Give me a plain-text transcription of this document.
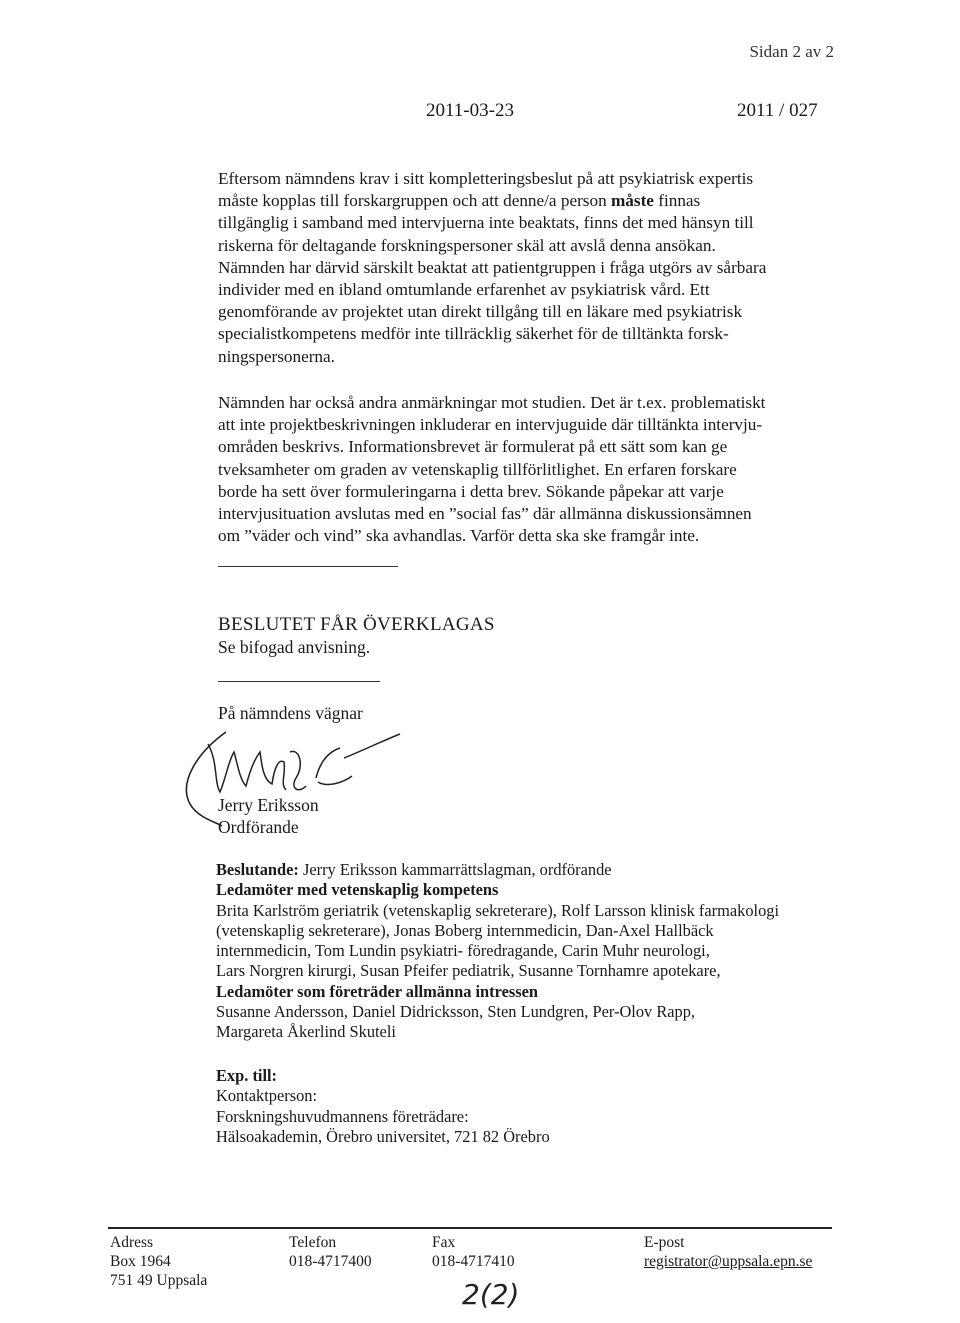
Sidan 2 av 2
2011-03-23	2011 / 027
Eftersom nämndens krav i sitt kompletteringsbeslut på att psykiatrisk expertis
måste kopplas till forskargruppen och att denne/a person måste finnas
tillgänglig i samband med intervjuerna inte beaktats, finns det med hänsyn till
riskerna för deltagande forskningspersoner skäl att avslå denna ansökan.
Nämnden har därvid särskilt beaktat att patientgruppen i fråga utgörs av sårbara
individer med en ibland omtumlande erfarenhet av psykiatrisk vård. Ett
genomförande av projektet utan direkt tillgång till en läkare med psykiatrisk
specialistkompetens medför inte tillräcklig säkerhet för de tilltänkta forsk-
ningspersonerna.
Nämnden har också andra anmärkningar mot studien. Det är t.ex. problematiskt
att inte projektbeskrivningen inkluderar en intervjuguide där tilltänkta intervju-
områden beskrivs. Informationsbrevet är formulerat på ett sätt som kan ge
tveksamheter om graden av vetenskaplig tillförlitlighet. En erfaren forskare
borde ha sett över formuleringarna i detta brev. Sökande påpekar att varje
intervjusituation avslutas med en ”social fas” där allmänna diskussionsämnen
om ”väder och vind” ska avhandlas. Varför detta ska ske framgår inte.
BESLUTET FÅR ÖVERKLAGAS
Se bifogad anvisning.
På nämndens vägnar
Jerry Eriksson
Ordförande
Beslutande: Jerry Eriksson kammarrättslagman, ordförande
Ledamöter med vetenskaplig kompetens
Brita Karlström geriatrik (vetenskaplig sekreterare), Rolf Larsson klinisk farmakologi
(vetenskaplig sekreterare), Jonas Boberg internmedicin, Dan-Axel Hallbäck
internmedicin, Tom Lundin psykiatri- föredragande, Carin Muhr neurologi,
Lars Norgren kirurgi, Susan Pfeifer pediatrik, Susanne Tornhamre apotekare,
Ledamöter som företräder allmänna intressen
Susanne Andersson, Daniel Didricksson, Sten Lundgren, Per-Olov Rapp,
Margareta Åkerlind Skuteli
Exp. till:
Kontaktperson:
Forskningshuvudmannens företrädare:
Hälsoakademin, Örebro universitet, 721 82 Örebro
Adress
Box 1964
751 49 Uppsala
Telefon
018-4717400
Fax
018-4717410
E-post
registrator@uppsala.epn.se
2(2)
